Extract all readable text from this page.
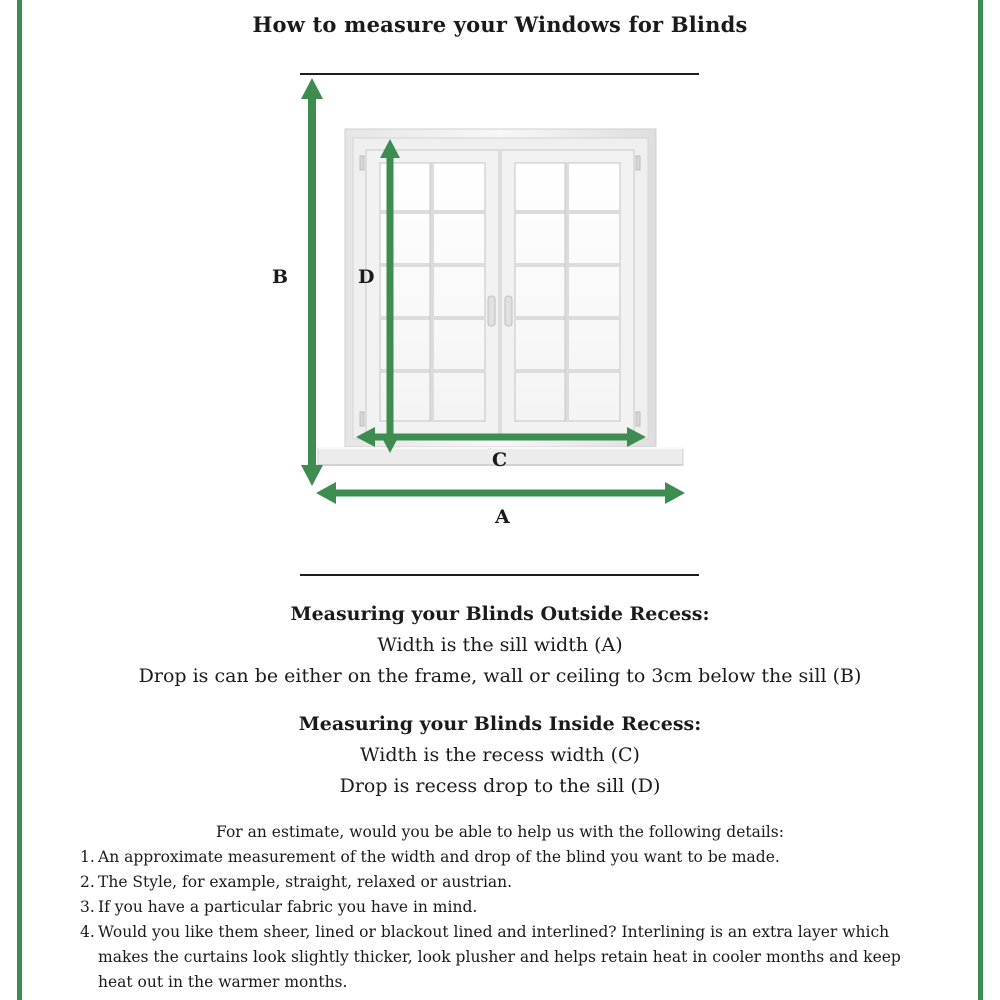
How to measure your Windows for Blinds
B	D
C
A
Measuring your Blinds Outside Recess:
Width is the sill width (A)
Drop is can be either on the frame, wall or ceiling to 3cm below the sill (B)
Measuring your Blinds Inside Recess:
Width is the recess width (C)
Drop is recess drop to the sill (D)
For an estimate, would you be able to help us with the following details:
1. An approximate measurement of the width and drop of the blind you want to be made.
2. The Style, for example, straight, relaxed or austrian.
3. If you have a particular fabric you have in mind.
4. Would you like them sheer, lined or blackout lined and interlined? Interlining is an extra layer which makes the curtains look slightly thicker, look plusher and helps retain heat in cooler months and keep heat out in the warmer months.
